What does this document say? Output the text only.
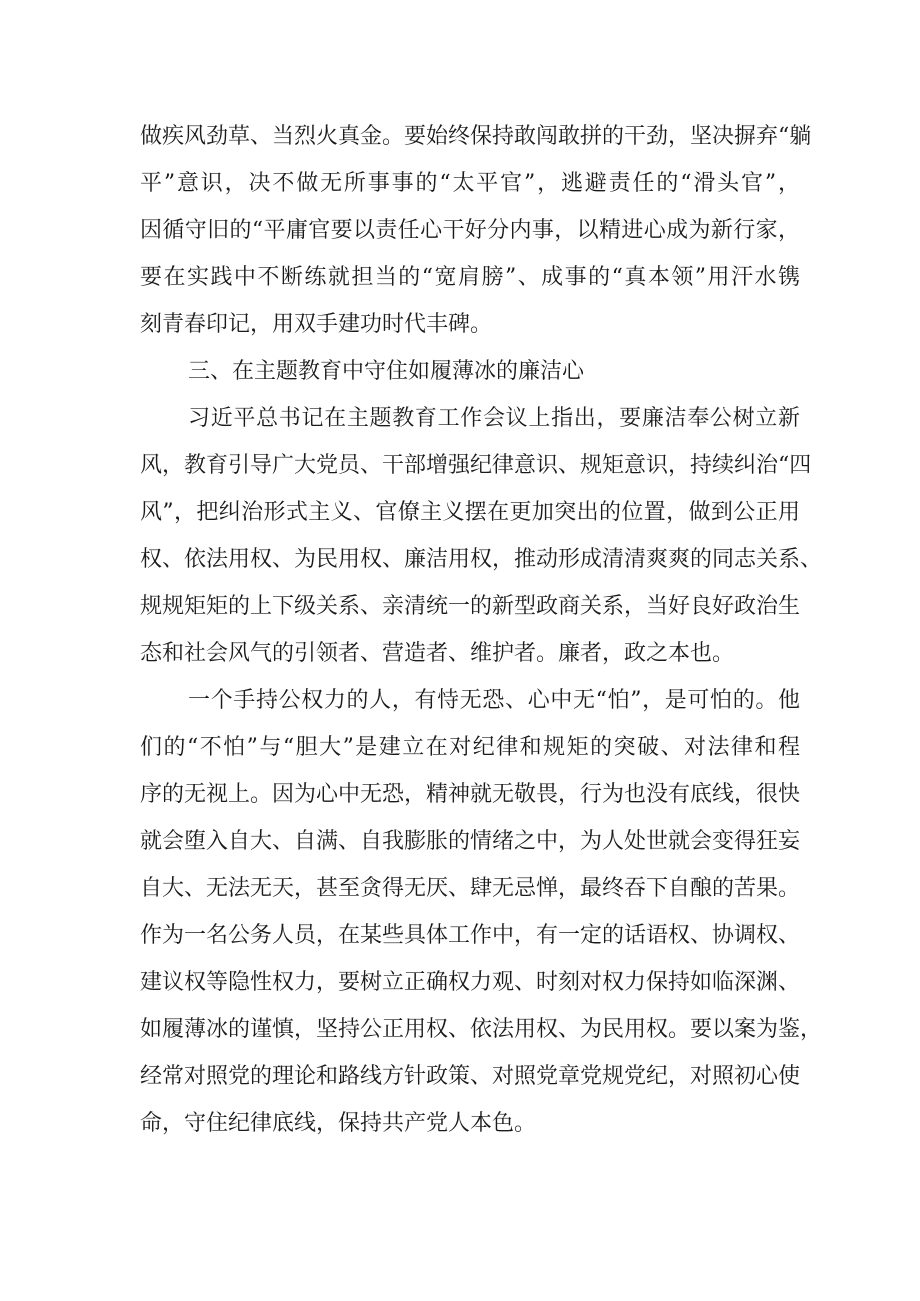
做疾风劲草、当烈火真金。要始终保持敢闯敢拼的干劲，坚决摒弃“躺
平”意识，决不做无所事事的“太平官”，逃避责任的“滑头官”，
因循守旧的“平庸官要以责任心干好分内事，以精进心成为新行家，
要在实践中不断练就担当的“宽肩膀”、成事的“真本领”用汗水镌
刻青春印记，用双手建功时代丰碑。
三、在主题教育中守住如履薄冰的廉洁心
习近平总书记在主题教育工作会议上指出，要廉洁奉公树立新
风，教育引导广大党员、干部增强纪律意识、规矩意识，持续纠治“四
风”，把纠治形式主义、官僚主义摆在更加突出的位置，做到公正用
权、依法用权、为民用权、廉洁用权，推动形成清清爽爽的同志关系、
规规矩矩的上下级关系、亲清统一的新型政商关系，当好良好政治生
态和社会风气的引领者、营造者、维护者。廉者，政之本也。
一个手持公权力的人，有恃无恐、心中无“怕”，是可怕的。他
们的“不怕”与“胆大”是建立在对纪律和规矩的突破、对法律和程
序的无视上。因为心中无恐，精神就无敬畏，行为也没有底线，很快
就会堕入自大、自满、自我膨胀的情绪之中，为人处世就会变得狂妄
自大、无法无天，甚至贪得无厌、肆无忌惮，最终吞下自酿的苦果。
作为一名公务人员，在某些具体工作中，有一定的话语权、协调权、
建议权等隐性权力，要树立正确权力观、时刻对权力保持如临深渊、
如履薄冰的谨慎，坚持公正用权、依法用权、为民用权。要以案为鉴，
经常对照党的理论和路线方针政策、对照党章党规党纪，对照初心使
命，守住纪律底线，保持共产党人本色。
